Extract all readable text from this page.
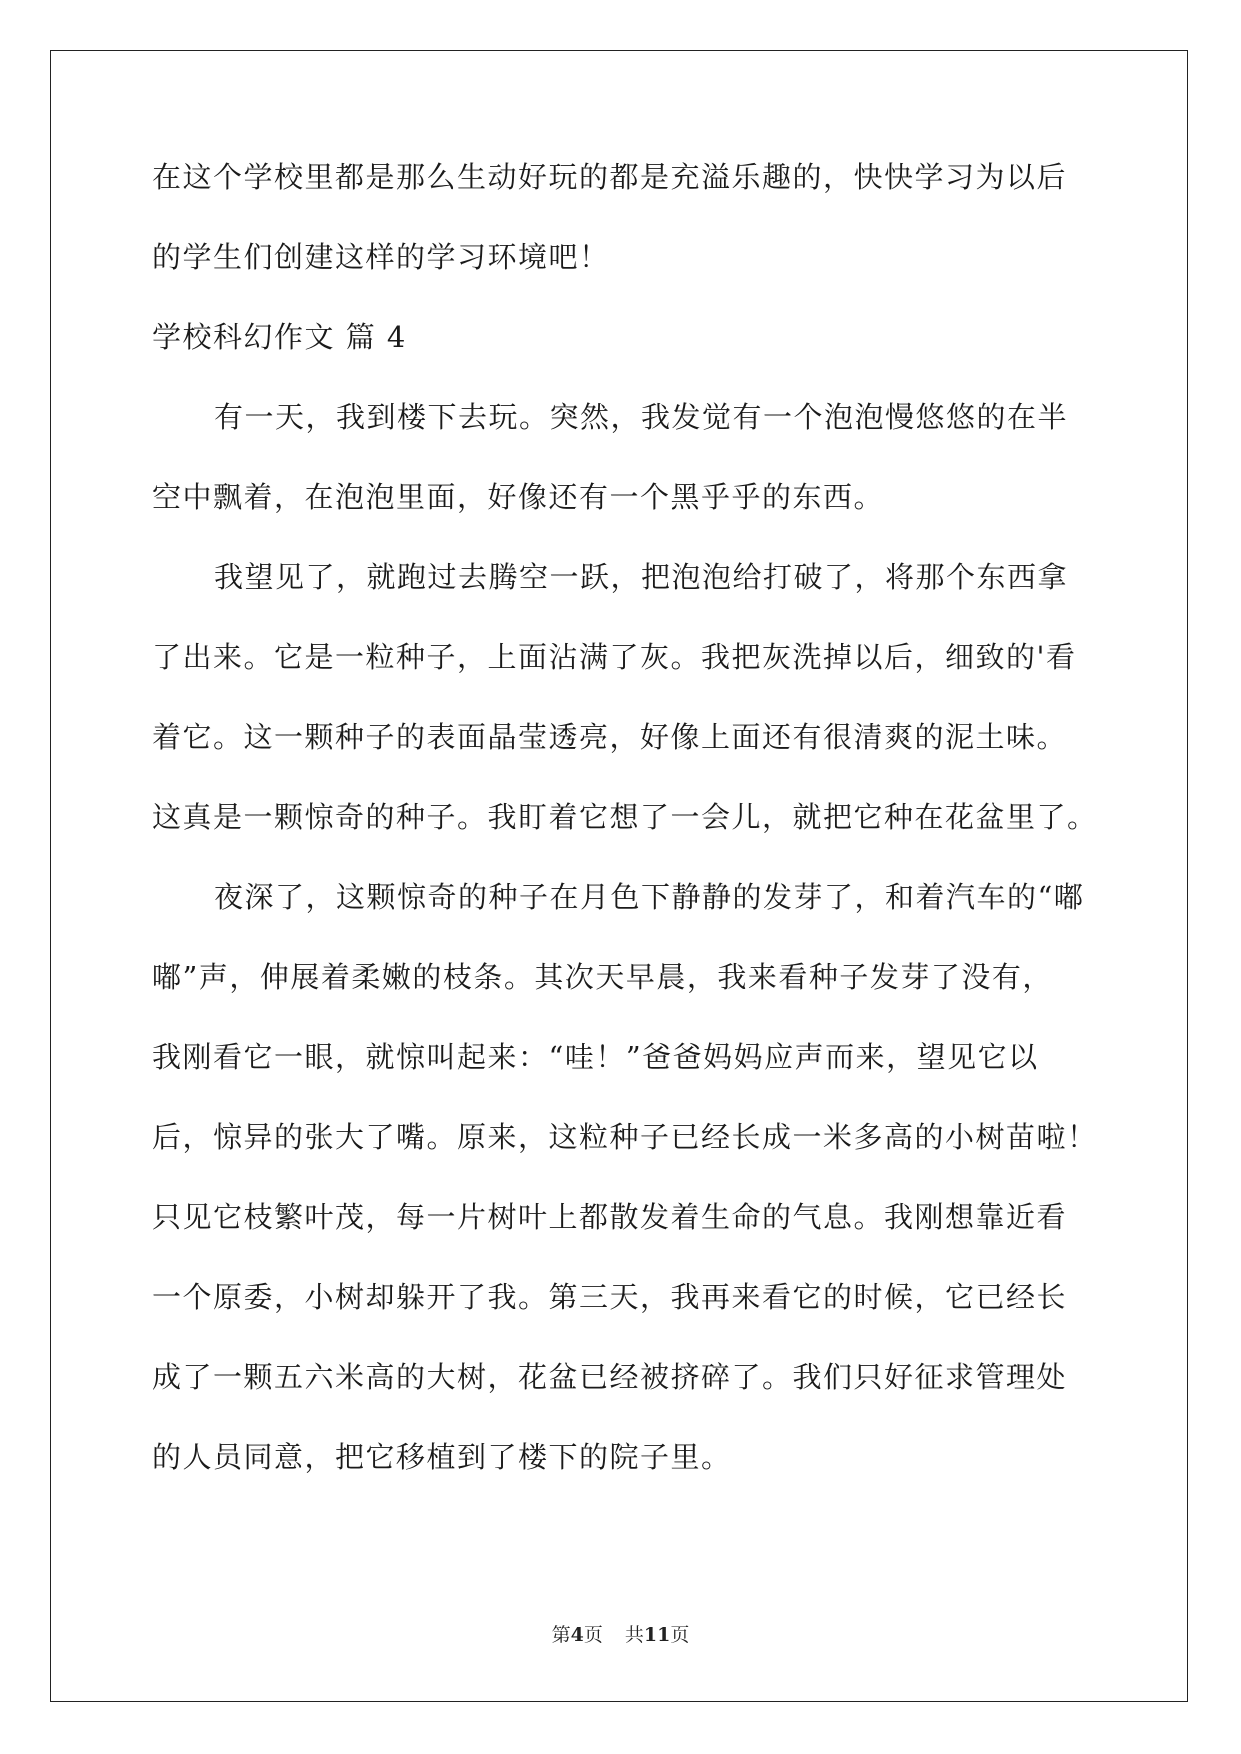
在这个学校里都是那么生动好玩的都是充溢乐趣的，快快学习为以后
的学生们创建这样的学习环境吧！
学校科幻作文 篇 4
有一天，我到楼下去玩。突然，我发觉有一个泡泡慢悠悠的在半
空中飘着，在泡泡里面，好像还有一个黑乎乎的东西。
我望见了，就跑过去腾空一跃，把泡泡给打破了，将那个东西拿
了出来。它是一粒种子，上面沾满了灰。我把灰洗掉以后，细致的'看
着它。这一颗种子的表面晶莹透亮，好像上面还有很清爽的泥土味。
这真是一颗惊奇的种子。我盯着它想了一会儿，就把它种在花盆里了。
夜深了，这颗惊奇的种子在月色下静静的发芽了，和着汽车的“嘟
嘟”声，伸展着柔嫩的枝条。其次天早晨，我来看种子发芽了没有，
我刚看它一眼，就惊叫起来：“哇！”爸爸妈妈应声而来，望见它以
后，惊异的张大了嘴。原来，这粒种子已经长成一米多高的小树苗啦！
只见它枝繁叶茂，每一片树叶上都散发着生命的气息。我刚想靠近看
一个原委，小树却躲开了我。第三天，我再来看它的时候，它已经长
成了一颗五六米高的大树，花盆已经被挤碎了。我们只好征求管理处
的人员同意，把它移植到了楼下的院子里。
第4页 共11页
